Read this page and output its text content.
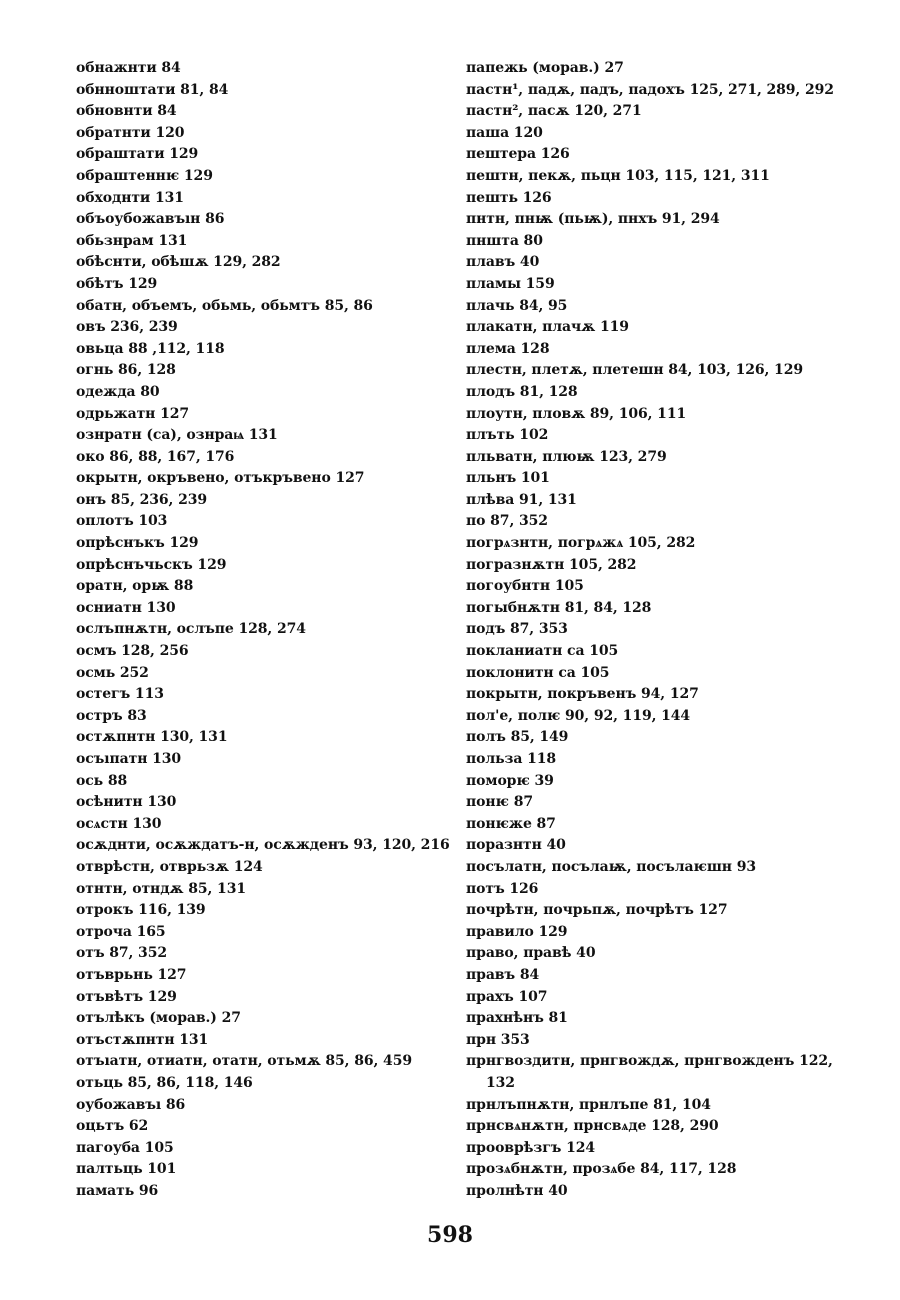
обнажнти 84
обнноштати 81, 84
обновнти 84
обратнти 120
обраштати 129
обраштеннѥ 129
обходнти 131
объоубожавъıн 86
обьзнрам 131
обѣснти, обѣшѫ 129, 282
обѣтъ 129
обатн, объемъ, обьмь, обьмтъ 85, 86
овъ 236, 239
овьца 88 ,112, 118
огнь 86, 128
одежда 80
одрьжатн 127
ознратн (са), ознраѩ 131
око 86, 88, 167, 176
окрытн, окръвено, отъкръвено 127
онъ 85, 236, 239
оплотъ 103
опрѣснъкъ 129
опрѣснъчьскъ 129
оратн, орѭ 88
осниатн 130
ослъпнѫтн, ослъпе 128, 274
осмъ 128, 256
осмь 252
остегъ 113
остръ 83
остѫпнтн 130, 131
осъıпатн 130
ось 88
осѣнитн 130
осѧстн 130
осѫднти, осѫждатъ-н, осѫжденъ 93, 120, 216
отврѣстн, отврьзѫ 124
отнтн, отндѫ 85, 131
отрокъ 116, 139
отроча 165
отъ 87, 352
отъврьнь 127
отъвѣтъ 129
отълѣкъ (морав.) 27
отъстѫпнтн 131
отъıатн, отиатн, отатн, отьмѫ 85, 86, 459
отьць 85, 86, 118, 146
оубожавъı 86
оцьтъ 62
пагоуба 105
палтьць 101
памать 96
папежь (морав.) 27
пастн¹, падѫ, падъ, падохъ 125, 271, 289, 292
пастн², пасѫ 120, 271
паша 120
пештера 126
пештн, пекѫ, пьцн 103, 115, 121, 311
пешть 126
пнтн, пнѭ (пьѭ), пнхъ 91, 294
пншта 80
плавъ 40
пламы 159
плачь 84, 95
плакатн, плачѫ 119
плема 128
плестн, плетѫ, плетешн 84, 103, 126, 129
плодъ 81, 128
плоутн, пловѫ 89, 106, 111
плъть 102
пльватн, плюѭ 123, 279
пльнъ 101
плѣва 91, 131
по 87, 352
погрѧзнтн, погрѧжѧ 105, 282
погразнѫтн 105, 282
погоубнтн 105
погыбнѫтн 81, 84, 128
подъ 87, 353
покланиатн са 105
поклонитн са 105
покрытн, покръвенъ 94, 127
пол'е, полѥ 90, 92, 119, 144
полъ 85, 149
польза 118
поморѥ 39
понѥ 87
понѥже 87
поразнтн 40
посълатн, посълаѭ, посълаѥшн 93
потъ 126
почрѣтн, почрьпѫ, почрѣтъ 127
правило 129
право, правѣ 40
правъ 84
прахъ 107
прахнѣнъ 81
прн 353
прнгвоздитн, прнгвождѫ, прнгвожденъ 122,
132
прнлъпнѫтн, прнлъпе 81, 104
прнсвѧнѫтн, прнсвѧде 128, 290
прооврѣзгъ 124
прозѧбнѫтн, прозѧбе 84, 117, 128
пролнѣтн 40
598
